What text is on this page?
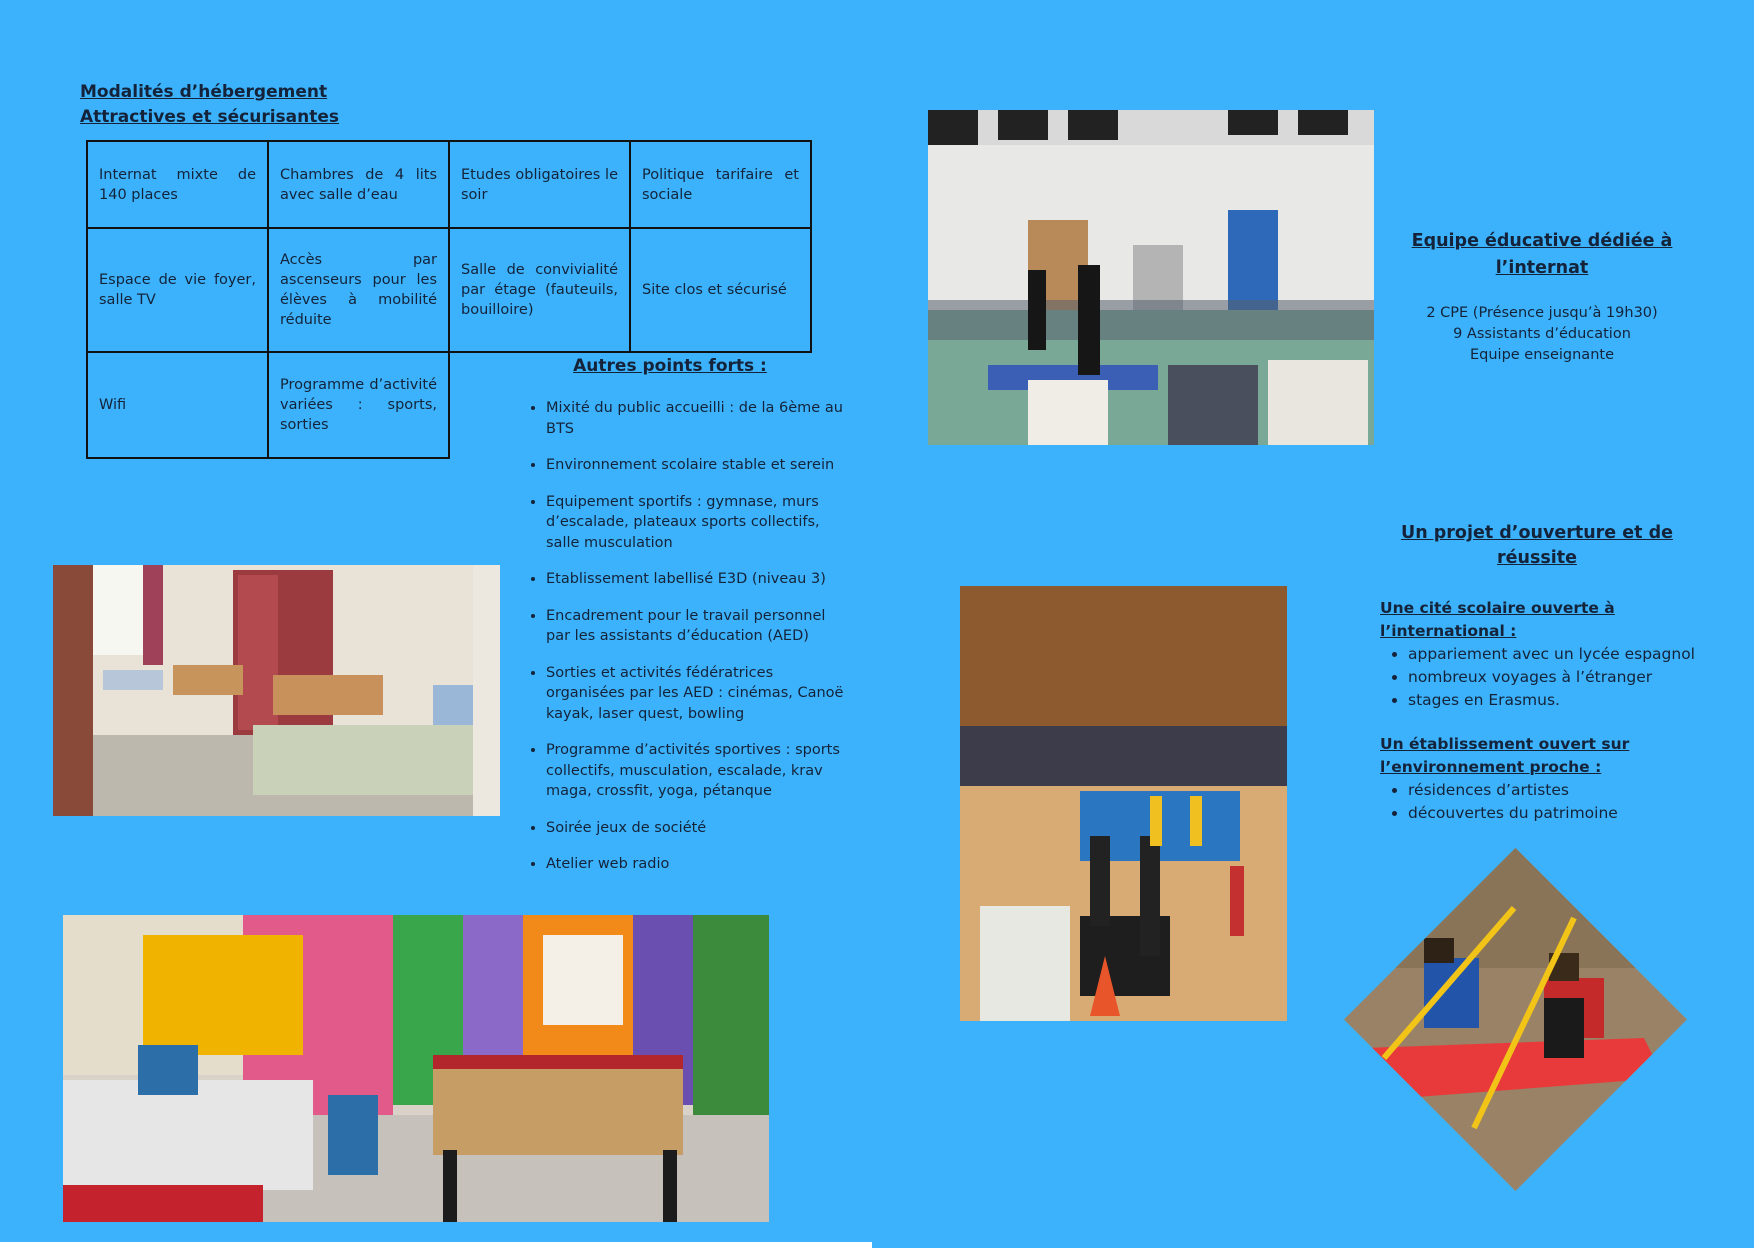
Modalités d’hébergement
Attractives et sécurisantes
Internat mixte de 140 places	Chambres de 4 lits avec salle d’eau	Etudes obligatoires le soir	Politique tarifaire et sociale
Espace de vie foyer, salle TV	Accès par ascenseurs pour les élèves à mobilité réduite	Salle de convivialité par étage (fauteuils, bouilloire)	Site clos et sécurisé
Wifi	Programme d’activité variées : sports, sorties		
Autres points forts :
• Mixité du public accueilli : de la 6ème au BTS
• Environnement scolaire stable et serein
• Equipement sportifs : gymnase, murs d’escalade, plateaux sports collectifs, salle musculation
• Etablissement labellisé E3D (niveau 3)
• Encadrement pour le travail personnel par les assistants d’éducation (AED)
• Sorties et activités fédératrices organisées par les AED : cinémas, Canoë kayak, laser quest, bowling
• Programme d’activités sportives : sports collectifs, musculation, escalade, krav maga, crossfit, yoga, pétanque
• Soirée jeux de société
• Atelier web radio
Equipe éducative dédiée à
l’internat
2 CPE (Présence jusqu’à 19h30)
9 Assistants d’éducation
Equipe enseignante
Un projet d’ouverture et de
réussite
Une cité scolaire ouverte à
l’international :
• appariement avec un lycée espagnol
• nombreux voyages à l’étranger
• stages en Erasmus.
Un établissement ouvert sur
l’environnement proche :
• résidences d’artistes
• découvertes du patrimoine
